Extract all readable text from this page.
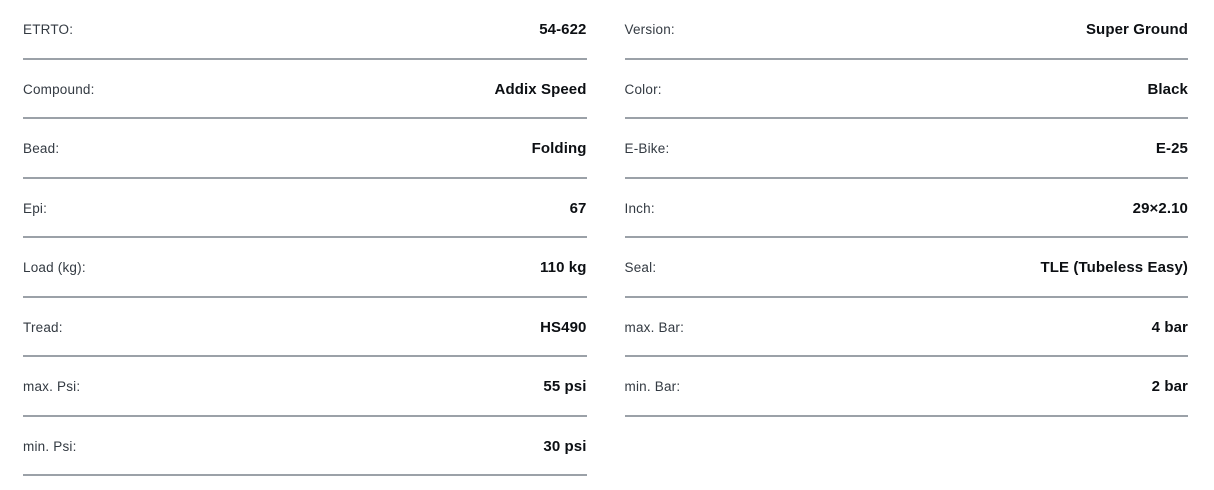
ETRTO:	54-622
Compound:	Addix Speed
Bead:	Folding
Epi:	67
Load (kg):	110 kg
Tread:	HS490
max. Psi:	55 psi
min. Psi:	30 psi
Version:	Super Ground
Color:	Black
E-Bike:	E-25
Inch:	29×2.10
Seal:	TLE (Tubeless Easy)
max. Bar:	4 bar
min. Bar:	2 bar
